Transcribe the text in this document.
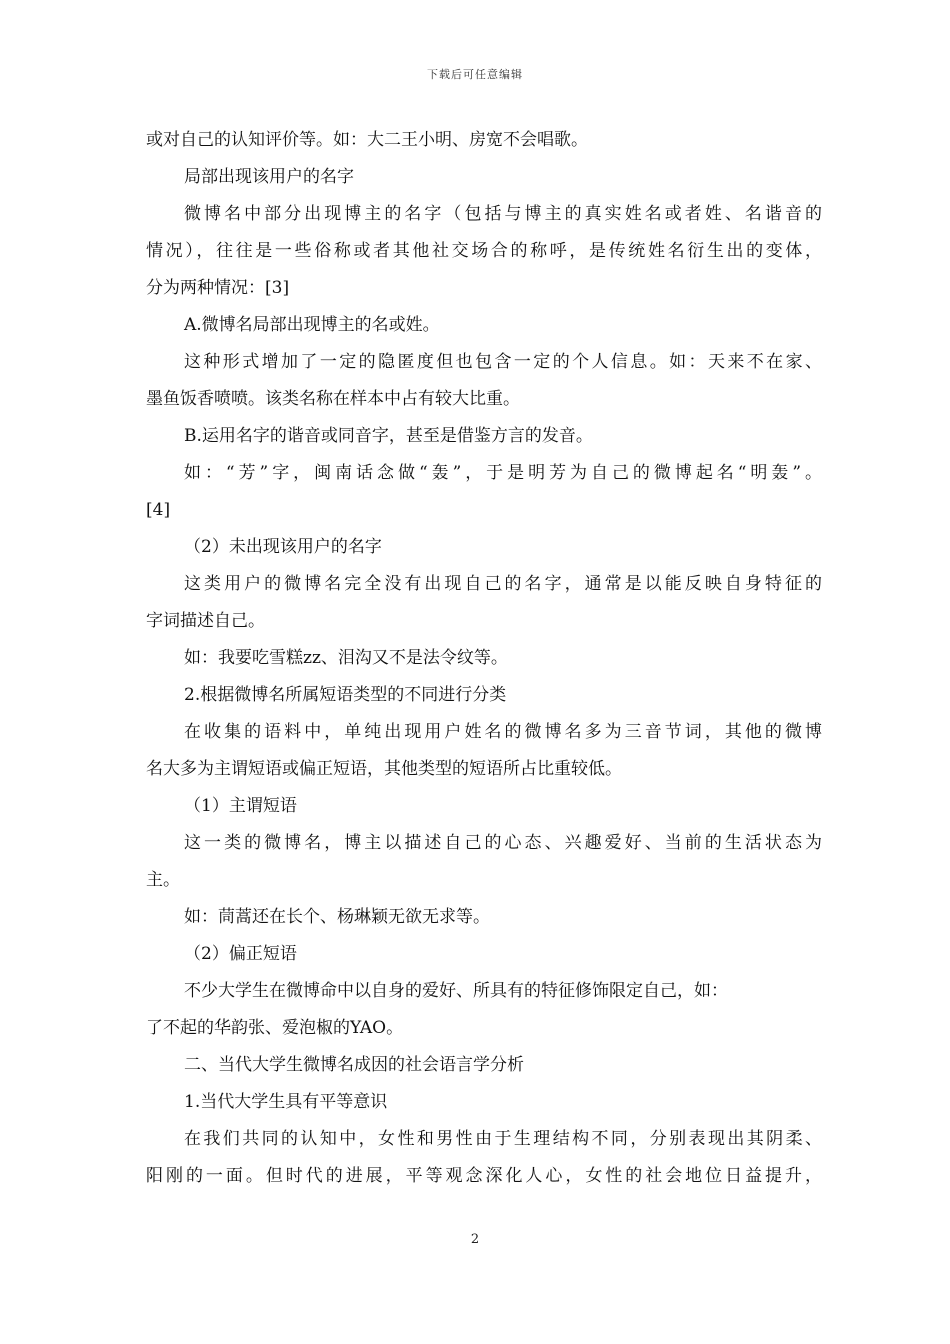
下载后可任意编辑
或对自己的认知评价等。如：大二王小明、房宽不会唱歌。
局部出现该用户的名字
微博名中部分出现博主的名字（包括与博主的真实姓名或者姓、名谐音的
情况），往往是一些俗称或者其他社交场合的称呼，是传统姓名衍生出的变体，
分为两种情况：[3]
A.微博名局部出现博主的名或姓。
这种形式增加了一定的隐匿度但也包含一定的个人信息。如：天来不在家、
墨鱼饭香喷喷。该类名称在样本中占有较大比重。
B.运用名字的谐音或同音字，甚至是借鉴方言的发音。
如：“芳”字，闽南话念做“轰”，于是明芳为自己的微博起名“明轰”。
[4]
（2）未出现该用户的名字
这类用户的微博名完全没有出现自己的名字，通常是以能反映自身特征的
字词描述自己。
如：我要吃雪糕zz、泪沟又不是法令纹等。
2.根据微博名所属短语类型的不同进行分类
在收集的语料中，单纯出现用户姓名的微博名多为三音节词，其他的微博
名大多为主谓短语或偏正短语，其他类型的短语所占比重较低。
（1）主谓短语
这一类的微博名，博主以描述自己的心态、兴趣爱好、当前的生活状态为
主。
如：茼蒿还在长个、杨琳颖无欲无求等。
（2）偏正短语
不少大学生在微博命中以自身的爱好、所具有的特征修饰限定自己，如：
了不起的华韵张、爱泡椒的YAO。
二、当代大学生微博名成因的社会语言学分析
1.当代大学生具有平等意识
在我们共同的认知中，女性和男性由于生理结构不同，分别表现出其阴柔、
阳刚的一面。但时代的进展，平等观念深化人心，女性的社会地位日益提升，
2
